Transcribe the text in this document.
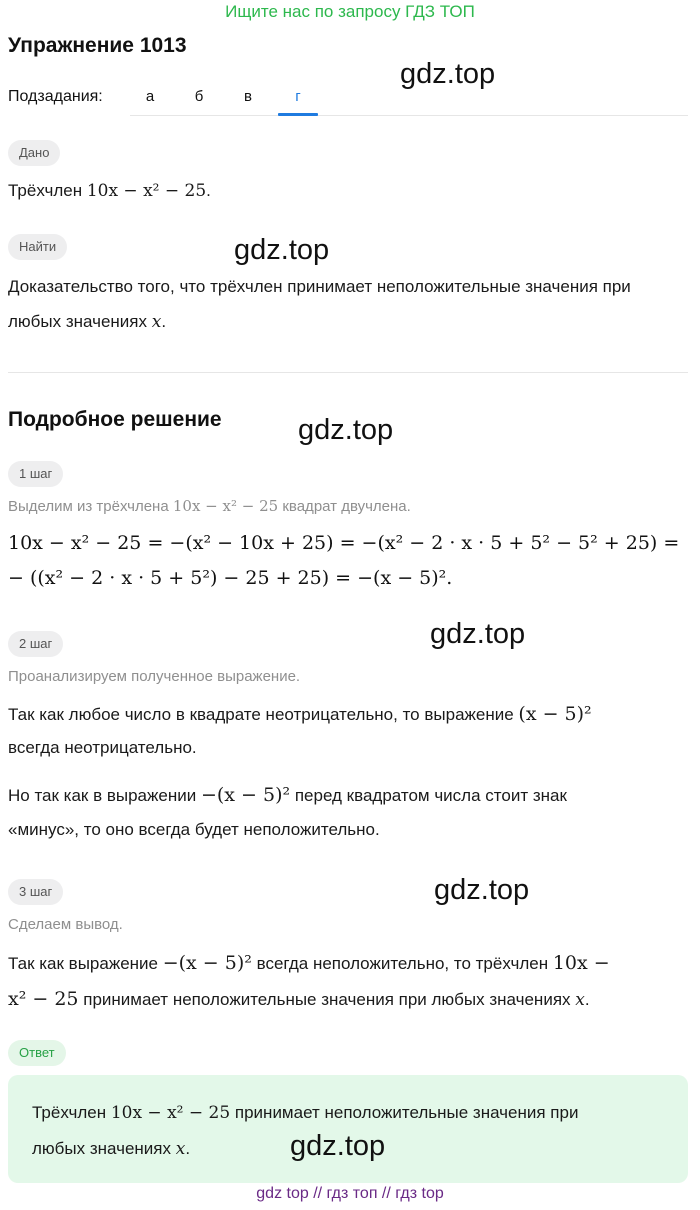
Ищите нас по запросу ГДЗ ТОП
Упражнение 1013
gdz.top
Подзадания:	а	б	в	г
Дано
Трёхчлен 10x − x² − 25.
Найти	gdz.top
Доказательство того, что трёхчлен принимает неположительные значения при
любых значениях x.
Подробное решение	gdz.top
1 шаг
Выделим из трёхчлена 10x − x² − 25 квадрат двучлена.
10x − x² − 25 = −(x² − 10x + 25) = −(x² − 2 · x · 5 + 5² − 5² + 25) =
− ((x² − 2 · x · 5 + 5²) − 25 + 25) = −(x − 5)².
2 шаг	gdz.top
Проанализируем полученное выражение.
Так как любое число в квадрате неотрицательно, то выражение (x − 5)²
всегда неотрицательно.
Но так как в выражении −(x − 5)² перед квадратом числа стоит знак
«минус», то оно всегда будет неположительно.
3 шаг	gdz.top
Сделаем вывод.
Так как выражение −(x − 5)² всегда неположительно, то трёхчлен 10x −
x² − 25 принимает неположительные значения при любых значениях x.
Ответ
Трёхчлен 10x − x² − 25 принимает неположительные значения при
любых значениях x.	gdz.top
gdz top // гдз топ // гдз top
